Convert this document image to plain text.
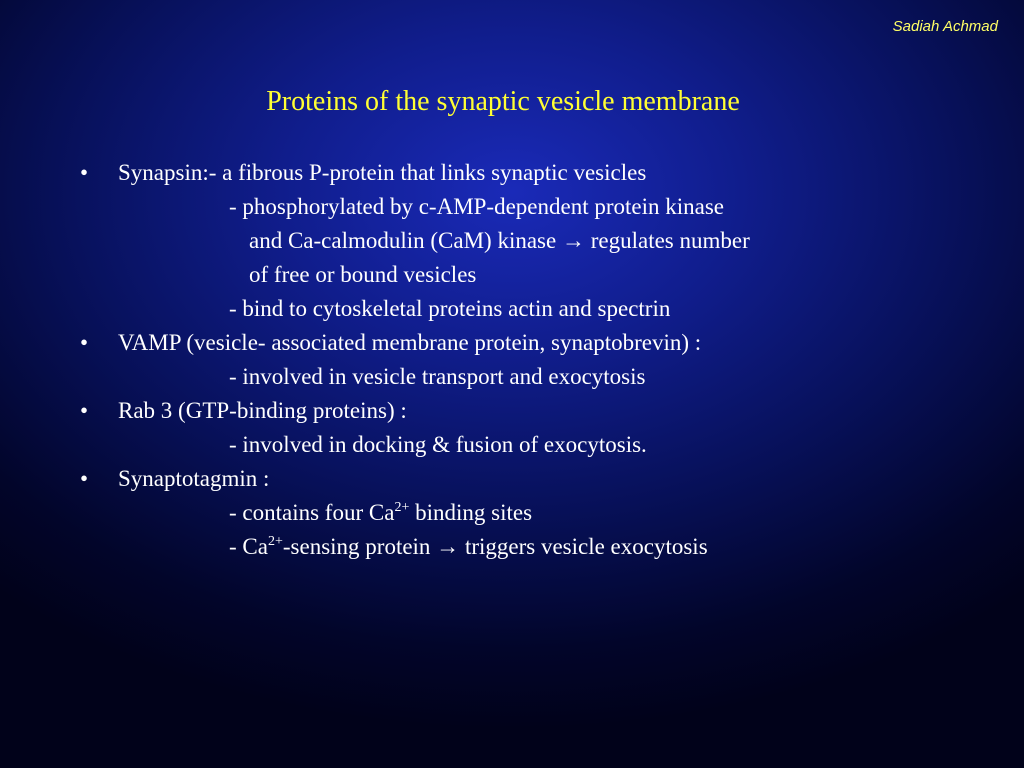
Sadiah Achmad
Proteins of the synaptic vesicle membrane
• Synapsin:- a fibrous P-protein that links synaptic vesicles
- phosphorylated by c-AMP-dependent protein kinase
and Ca-calmodulin (CaM) kinase → regulates number
of free or bound vesicles
- bind to cytoskeletal proteins actin and spectrin
• VAMP (vesicle- associated membrane protein, synaptobrevin) :
- involved in vesicle transport and exocytosis
• Rab 3 (GTP-binding proteins) :
- involved in docking & fusion of exocytosis.
• Synaptotagmin :
- contains four $Ca^{2+}$ binding sites
- $Ca^{2+}$-sensing protein → triggers vesicle exocytosis
